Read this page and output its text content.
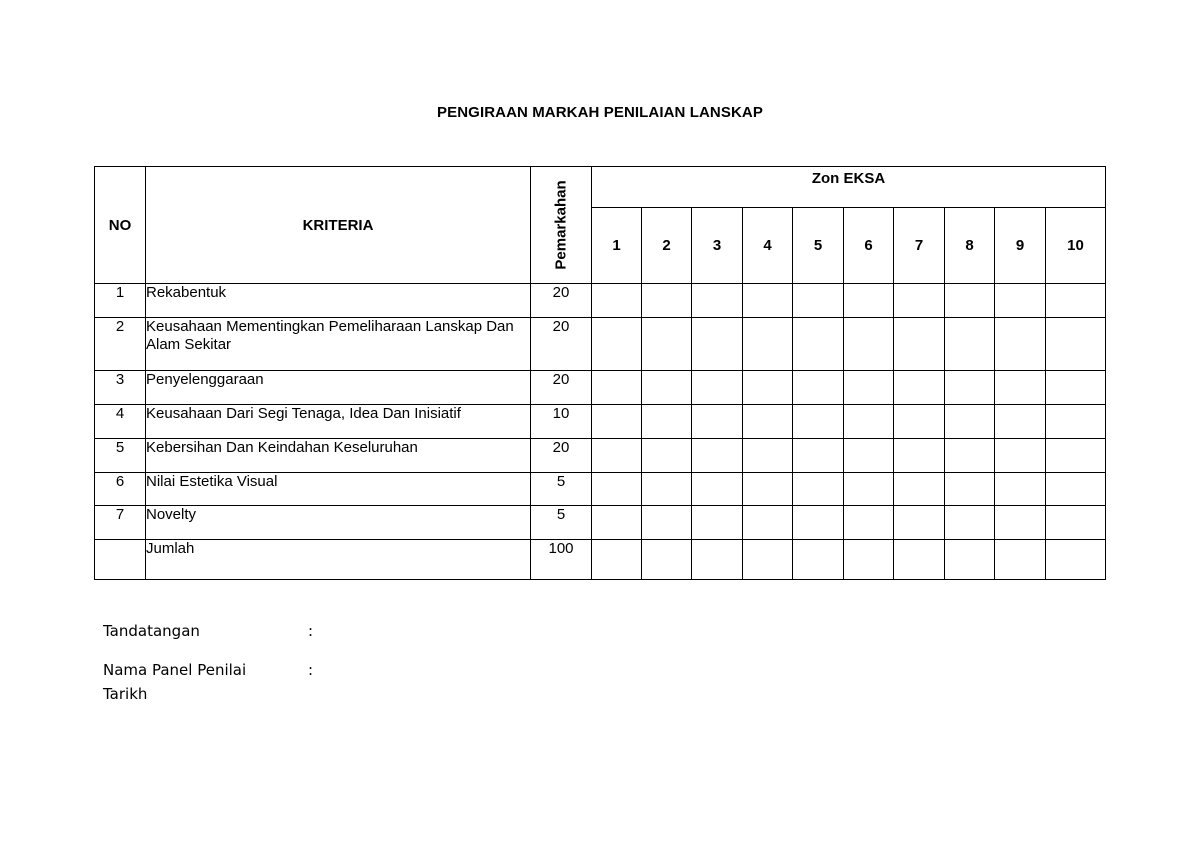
PENGIRAAN MARKAH PENILAIAN LANSKAP
NO	KRITERIA	Pemarkahan	Zon EKSA									

			1	2	3	4	5	6	7	8	9	10
1	Rekabentuk	20										
2	Keusahaan Mementingkan Pemeliharaan Lanskap Dan Alam Sekitar	20										
3	Penyelenggaraan	20										
4	Keusahaan Dari Segi Tenaga, Idea Dan Inisiatif	10										
5	Kebersihan Dan Keindahan Keseluruhan	20										
6	Nilai Estetika Visual	5										
7	Novelty	5										
	Jumlah	100										
Tandatangan	:
Nama Panel Penilai	:
Tarikh
